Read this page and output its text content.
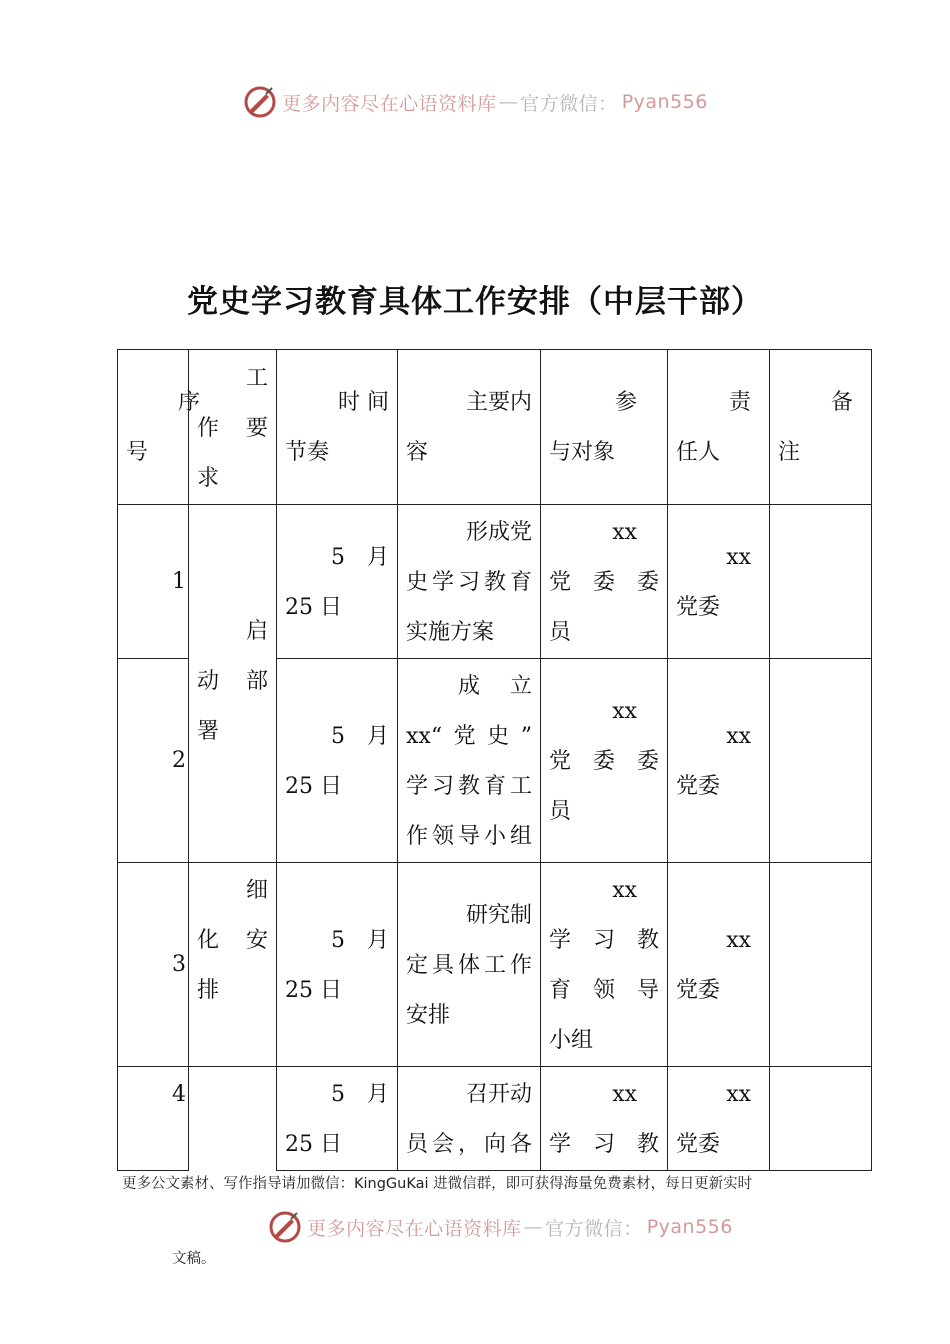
更多内容尽在心语资料库 — 官方微信： Pyan556
党史学习教育具体工作安排（中层干部）
序
号	工
作　要
求	时 间
节奏	主要内
容	参
与对象	责
任人	备
注

1	启
动　部
署	5　月
25 日	形成党
史学习教育
实施方案	xx
党　委　委
员	xx
党委	

2		5　月
25 日	成　立
xx“党史”
学习教育工
作领导小组	xx
党　委　委
员	xx
党委	

3	细
化　安
排	5　月
25 日	研究制
定具体工作
安排	xx
学　习　教
育　领　导
小组	xx
党委	

4		5　月
25 日	召开动
员会，向各	xx
学　习　教	xx
党委	

更多公文素材、写作指导请加微信：KingGuKai 进微信群，即可获得海量免费素材，每日更新实时
更多内容尽在心语资料库 — 官方微信： Pyan556
文稿。
